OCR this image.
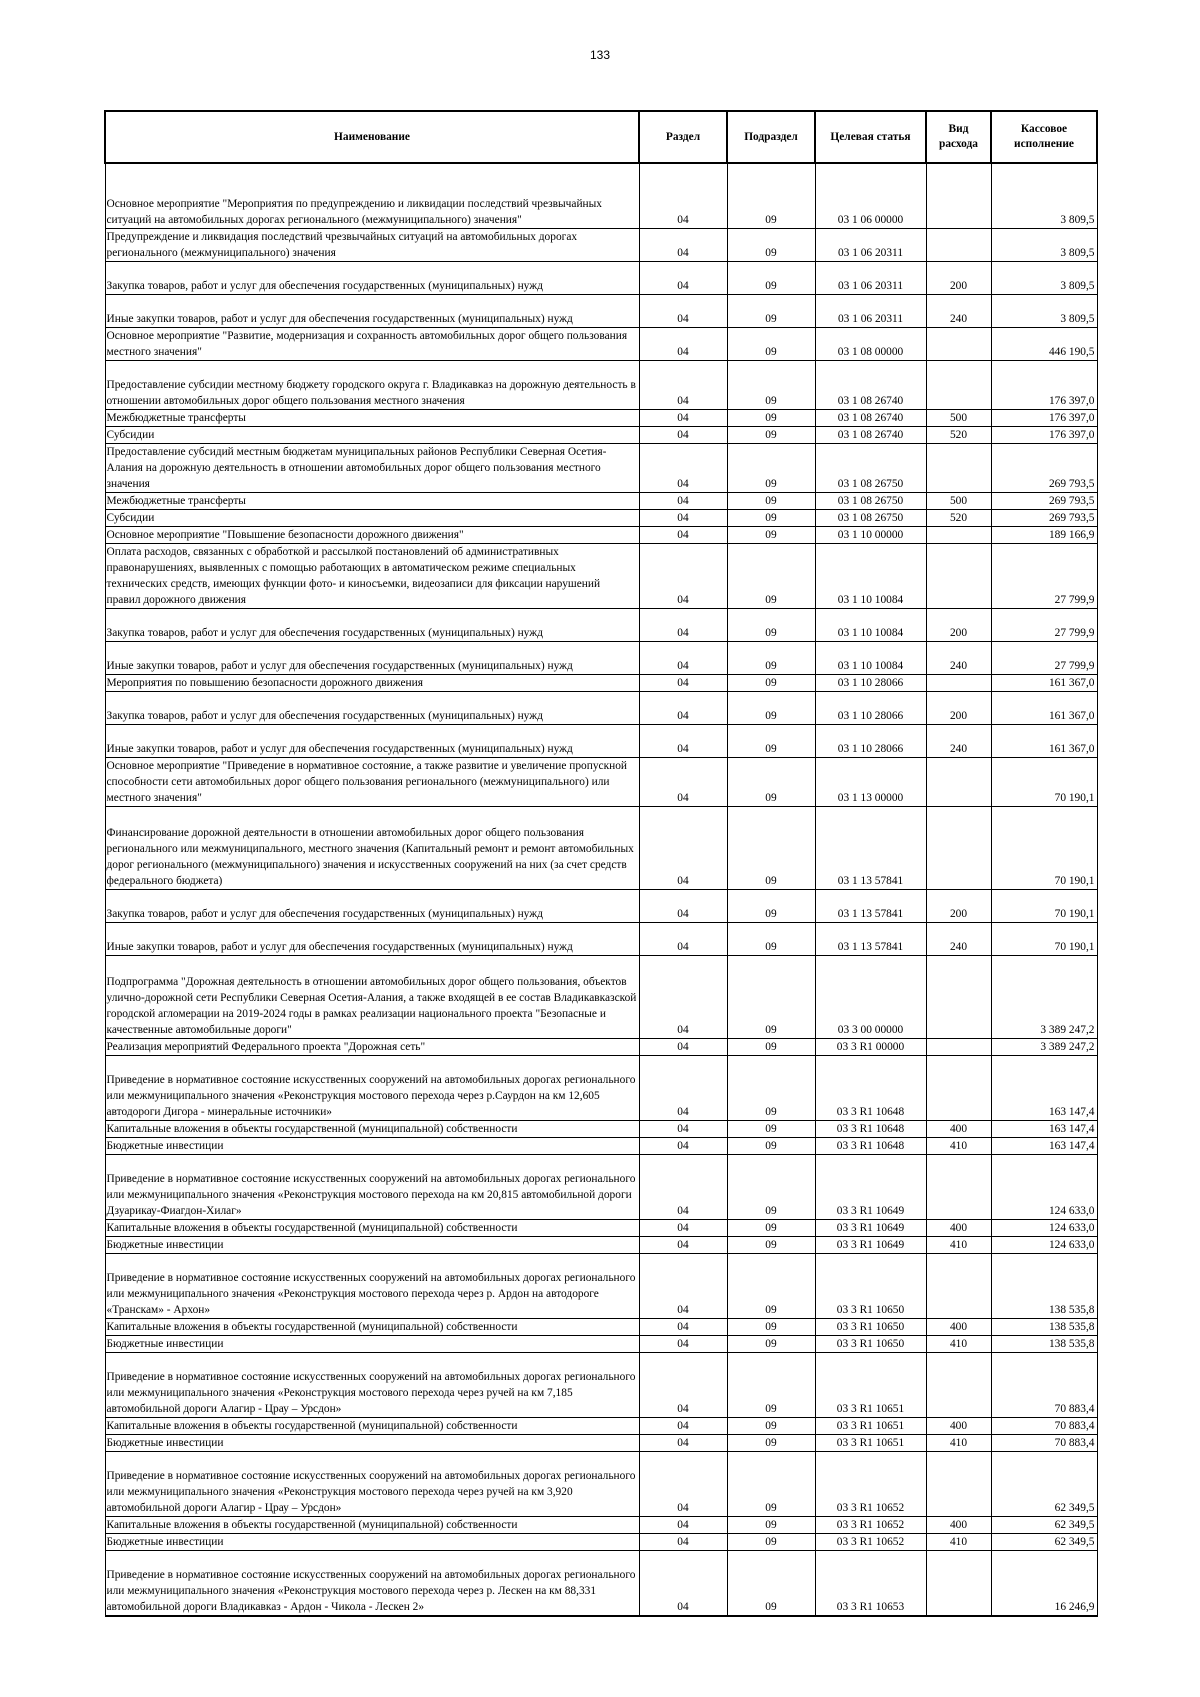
133
Наименование	Раздел	Подраздел	Целевая статья	Вид расхода	Кассовое исполнение
Основное мероприятие "Мероприятия по предупреждению и ликвидации последствий чрезвычайных ситуаций на автомобильных дорогах регионального (межмуниципального) значения"	04	09	03 1 06 00000		3 809,5
Предупреждение и ликвидация последствий чрезвычайных ситуаций на автомобильных дорогах регионального (межмуниципального) значения	04	09	03 1 06 20311		3 809,5
Закупка товаров, работ и услуг для обеспечения государственных (муниципальных) нужд	04	09	03 1 06 20311	200	3 809,5
Иные закупки товаров, работ и услуг для обеспечения государственных (муниципальных) нужд	04	09	03 1 06 20311	240	3 809,5
Основное мероприятие "Развитие, модернизация и сохранность автомобильных дорог общего пользования местного значения"	04	09	03 1 08 00000		446 190,5
Предоставление субсидии местному бюджету городского округа г. Владикавказ на дорожную деятельность в отношении автомобильных дорог общего пользования местного значения	04	09	03 1 08 26740		176 397,0
Межбюджетные трансферты	04	09	03 1 08 26740	500	176 397,0
Субсидии	04	09	03 1 08 26740	520	176 397,0
Предоставление субсидий местным бюджетам муниципальных районов Республики Северная Осетия-Алания на дорожную деятельность в отношении автомобильных дорог общего пользования местного значения	04	09	03 1 08 26750		269 793,5
Межбюджетные трансферты	04	09	03 1 08 26750	500	269 793,5
Субсидии	04	09	03 1 08 26750	520	269 793,5
Основное мероприятие "Повышение безопасности дорожного движения"	04	09	03 1 10 00000		189 166,9
Оплата расходов, связанных с обработкой и рассылкой постановлений об административных правонарушениях, выявленных с помощью работающих в автоматическом режиме специальных технических средств, имеющих функции фото- и киносъемки, видеозаписи для фиксации нарушений правил дорожного движения	04	09	03 1 10 10084		27 799,9
Закупка товаров, работ и услуг для обеспечения государственных (муниципальных) нужд	04	09	03 1 10 10084	200	27 799,9
Иные закупки товаров, работ и услуг для обеспечения государственных (муниципальных) нужд	04	09	03 1 10 10084	240	27 799,9
Мероприятия по повышению безопасности дорожного движения	04	09	03 1 10 28066		161 367,0
Закупка товаров, работ и услуг для обеспечения государственных (муниципальных) нужд	04	09	03 1 10 28066	200	161 367,0
Иные закупки товаров, работ и услуг для обеспечения государственных (муниципальных) нужд	04	09	03 1 10 28066	240	161 367,0
Основное мероприятие "Приведение в нормативное состояние, а также развитие и увеличение пропускной способности сети автомобильных дорог общего пользования регионального (межмуниципального) или местного значения"	04	09	03 1 13 00000		70 190,1
Финансирование дорожной деятельности в отношении автомобильных дорог общего пользования регионального или межмуниципального, местного значения (Капитальный ремонт и ремонт автомобильных дорог регионального (межмуниципального) значения и искусственных сооружений на них (за счет средств федерального бюджета)	04	09	03 1 13 57841		70 190,1
Закупка товаров, работ и услуг для обеспечения государственных (муниципальных) нужд	04	09	03 1 13 57841	200	70 190,1
Иные закупки товаров, работ и услуг для обеспечения государственных (муниципальных) нужд	04	09	03 1 13 57841	240	70 190,1
Подпрограмма "Дорожная деятельность в отношении автомобильных дорог общего пользования, объектов улично-дорожной сети Республики Северная Осетия-Алания, а также входящей в ее состав Владикавказской городской агломерации на 2019-2024 годы в рамках реализации национального проекта "Безопасные и качественные автомобильные дороги"	04	09	03 3 00 00000		3 389 247,2
Реализация мероприятий Федерального проекта "Дорожная сеть"	04	09	03 3 R1 00000		3 389 247,2
Приведение в нормативное состояние искусственных сооружений на автомобильных дорогах регионального или межмуниципального значения «Реконструкция мостового перехода через р.Саурдон на км 12,605 автодороги Дигора - минеральные источники»	04	09	03 3 R1 10648		163 147,4
Капитальные вложения в объекты государственной (муниципальной) собственности	04	09	03 3 R1 10648	400	163 147,4
Бюджетные инвестиции	04	09	03 3 R1 10648	410	163 147,4
Приведение в нормативное состояние искусственных сооружений на автомобильных дорогах регионального или межмуниципального значения «Реконструкция мостового перехода на км 20,815 автомобильной дороги Дзуарикау-Фиагдон-Хилаг»	04	09	03 3 R1 10649		124 633,0
Капитальные вложения в объекты государственной (муниципальной) собственности	04	09	03 3 R1 10649	400	124 633,0
Бюджетные инвестиции	04	09	03 3 R1 10649	410	124 633,0
Приведение в нормативное состояние искусственных сооружений на автомобильных дорогах регионального или межмуниципального значения «Реконструкция мостового перехода через р. Ардон на автодороге «Транскам» - Архон»	04	09	03 3 R1 10650		138 535,8
Капитальные вложения в объекты государственной (муниципальной) собственности	04	09	03 3 R1 10650	400	138 535,8
Бюджетные инвестиции	04	09	03 3 R1 10650	410	138 535,8
Приведение в нормативное состояние искусственных сооружений на автомобильных дорогах регионального или межмуниципального значения «Реконструкция мостового перехода через ручей на км 7,185 автомобильной дороги Алагир - Црау – Урсдон»	04	09	03 3 R1 10651		70 883,4
Капитальные вложения в объекты государственной (муниципальной) собственности	04	09	03 3 R1 10651	400	70 883,4
Бюджетные инвестиции	04	09	03 3 R1 10651	410	70 883,4
Приведение в нормативное состояние искусственных сооружений на автомобильных дорогах регионального или межмуниципального значения «Реконструкция мостового перехода через ручей на км 3,920 автомобильной дороги Алагир - Црау – Урсдон»	04	09	03 3 R1 10652		62 349,5
Капитальные вложения в объекты государственной (муниципальной) собственности	04	09	03 3 R1 10652	400	62 349,5
Бюджетные инвестиции	04	09	03 3 R1 10652	410	62 349,5
Приведение в нормативное состояние искусственных сооружений на автомобильных дорогах регионального или межмуниципального значения «Реконструкция мостового перехода через р. Лескен на км 88,331 автомобильной дороги Владикавказ - Ардон - Чикола - Лескен 2»	04	09	03 3 R1 10653		16 246,9
